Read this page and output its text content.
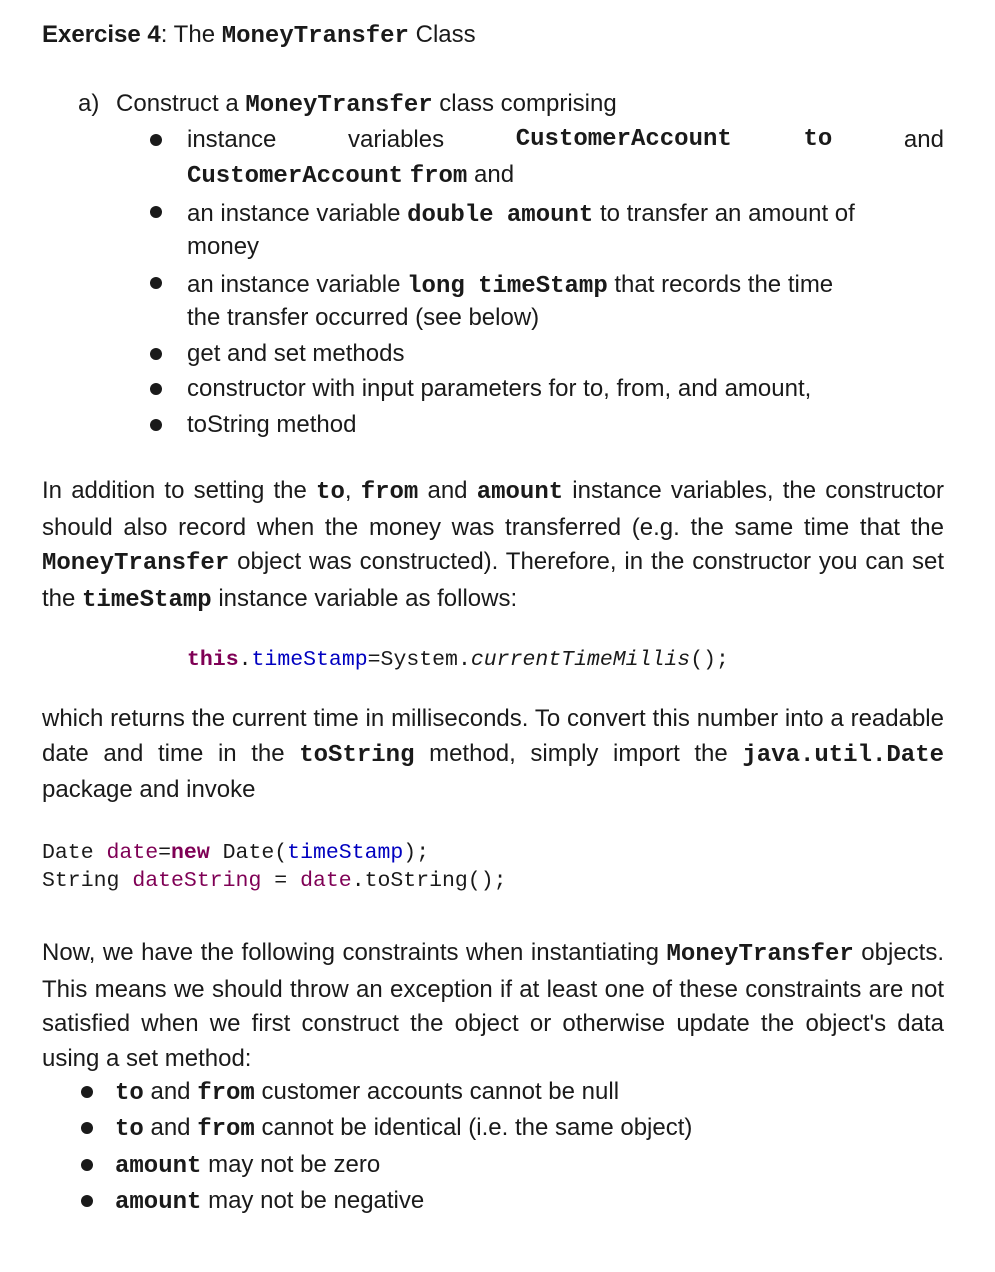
Exercise 4: The MoneyTransfer Class
a) Construct a MoneyTransfer class comprising
instance	variables	CustomerAccount	to	and
CustomerAccount from and
an instance variable double amount to transfer an amount of
money
an instance variable long timeStamp that records the time
the transfer occurred (see below)
get and set methods
constructor with input parameters for to, from, and amount,
toString method
In addition to setting the to, from and amount instance variables, the constructor should also record when the money was transferred (e.g. the same time that the MoneyTransfer object was constructed). Therefore, in the constructor you can set the timeStamp instance variable as follows:
this.timeStamp=System.currentTimeMillis();
which returns the current time in milliseconds. To convert this number into a readable date and time in the toString method, simply import the java.util.Date package and invoke
Date date=new Date(timeStamp);
String dateString = date.toString();
Now, we have the following constraints when instantiating MoneyTransfer objects. This means we should throw an exception if at least one of these constraints are not satisfied when we first construct the object or otherwise update the object's data using a set method:
to and from customer accounts cannot be null
to and from cannot be identical (i.e. the same object)
amount may not be zero
amount may not be negative
